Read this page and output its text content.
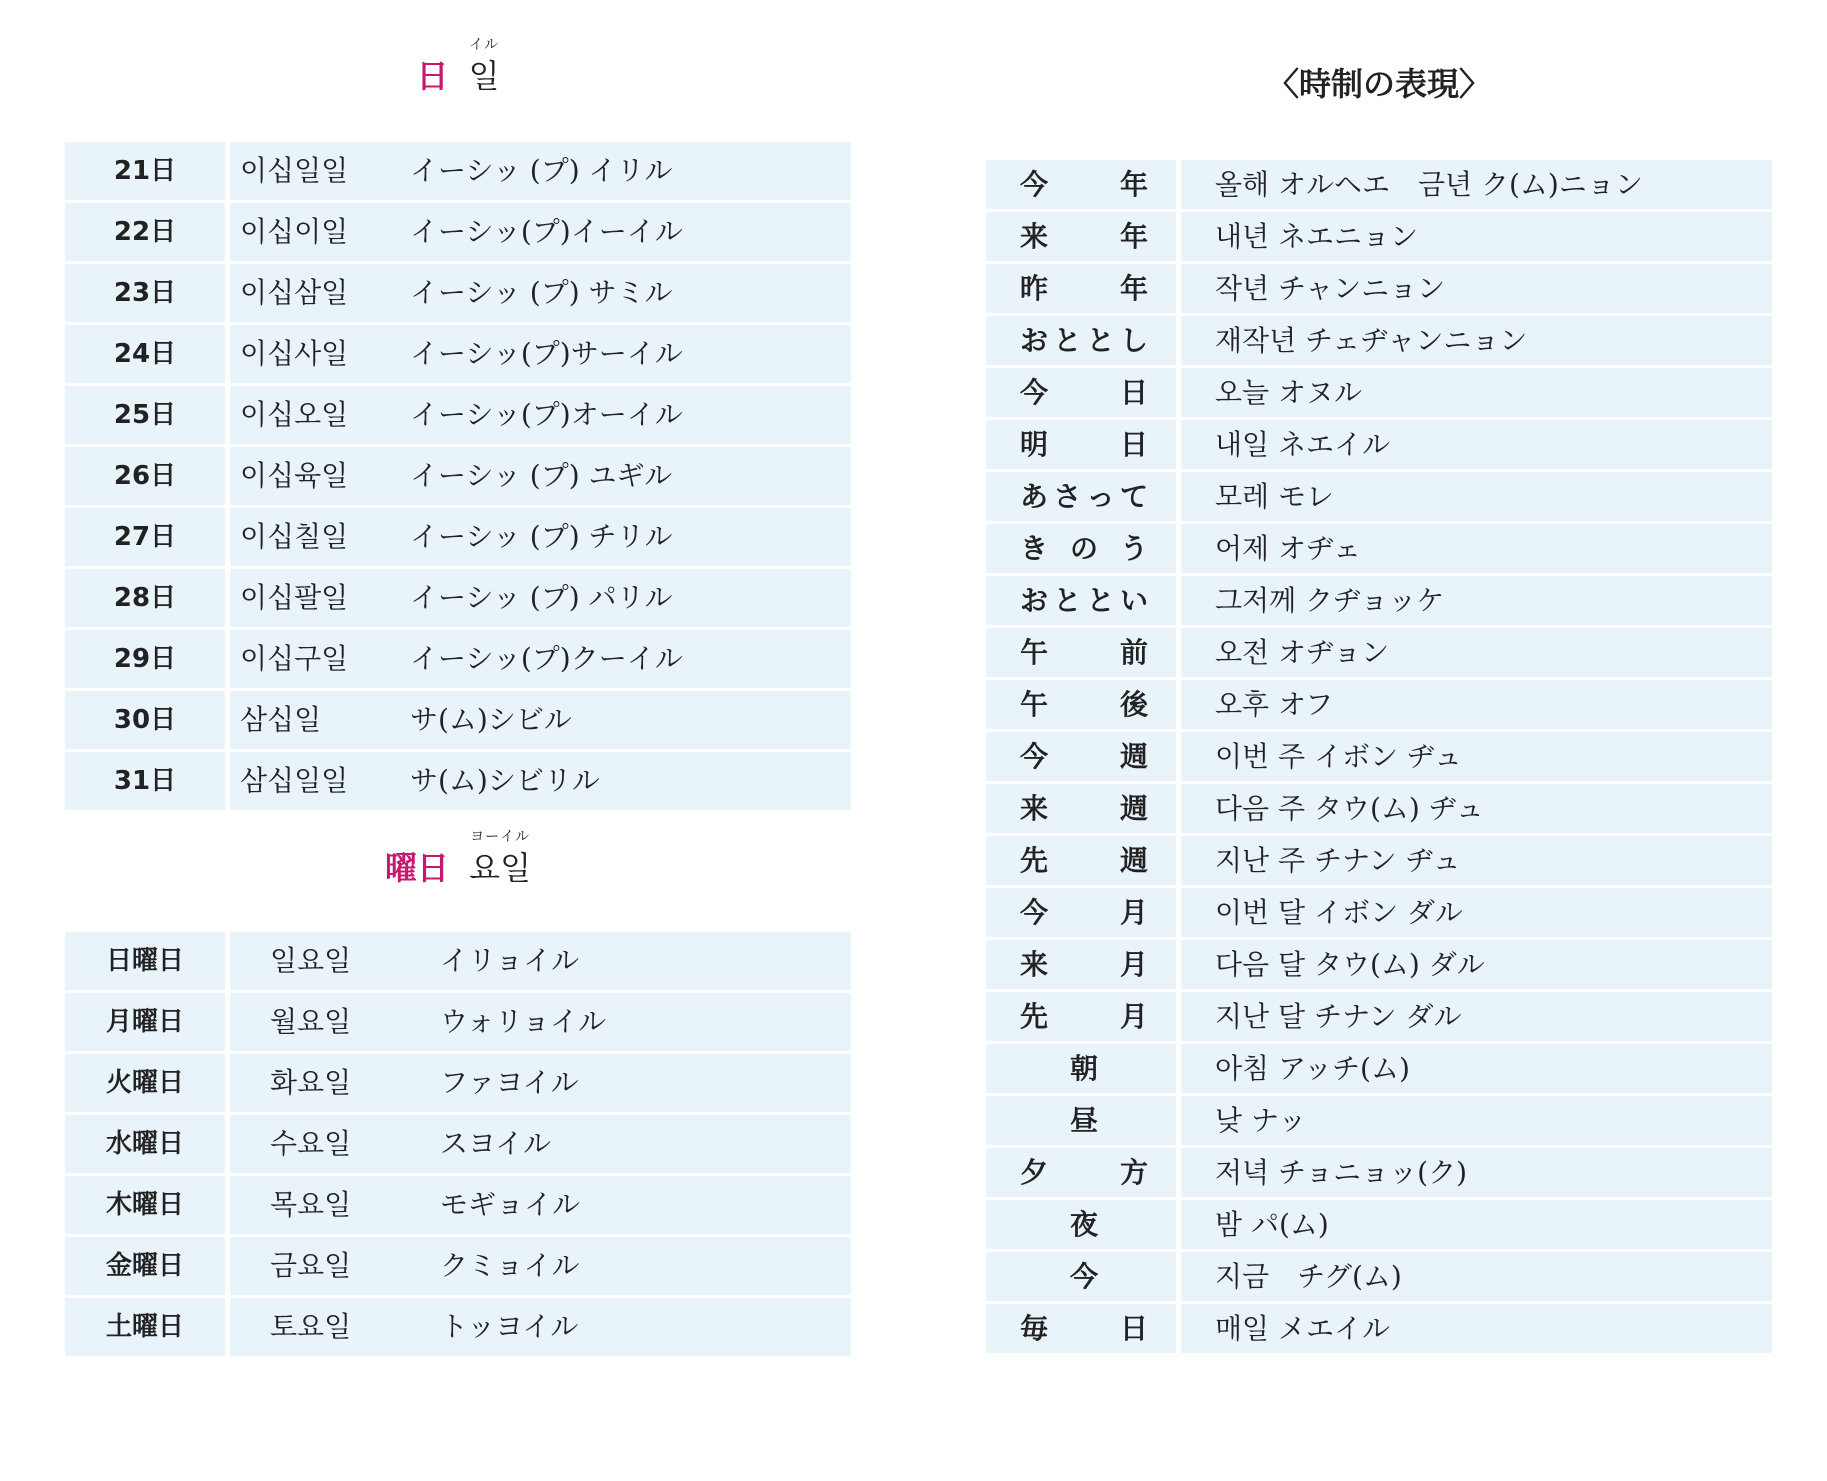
日
イル
일
21日	이십일일 イーシッ (プ) イリル
22日	이십이일 イーシッ(プ)イーイル
23日	이십삼일 イーシッ (プ) サミル
24日	이십사일 イーシッ(プ)サーイル
25日	이십오일 イーシッ(プ)オーイル
26日	이십육일 イーシッ (プ) ユギル
27日	이십칠일 イーシッ (プ) チリル
28日	이십팔일 イーシッ (プ) パリル
29日	이십구일 イーシッ(プ)クーイル
30日	삼십일	サ(ム)シビル
31日	삼십일일 サ(ム)シビリル
曜日
ヨーイル
요일
日曜日	일요일	イリョイル
月曜日	월요일	ウォリョイル
火曜日	화요일	ファヨイル
水曜日	수요일	スヨイル
木曜日	목요일	モギョイル
金曜日	금요일	クミョイル
土曜日	토요일	トッヨイル
〈時制の表現〉
今年	올해 オルヘエ　금년 ク(ム)ニョン
来年	내년 ネエニョン
昨年	작년 チャンニョン
おととし	재작년 チェヂャンニョン
今日	오늘 オヌル
明日	내일 ネエイル
あさって	모레 モレ
きのう	어제 オヂェ
おととい	그저께 クヂョッケ
午前	오전 オヂョン
午後	오후 オフ
今週	이번 주 イボン ヂュ
来週	다음 주 タウ(ム) ヂュ
先週	지난 주 チナン ヂュ
今月	이번 달 イボン ダル
来月	다음 달 タウ(ム) ダル
先月	지난 달 チナン ダル
朝	아침 アッチ(ム)
昼	낮 ナッ
夕方	저녁 チョニョッ(ク)
夜	밤 パ(ム)
今	지금　チグ(ム)
毎日	매일 メエイル
